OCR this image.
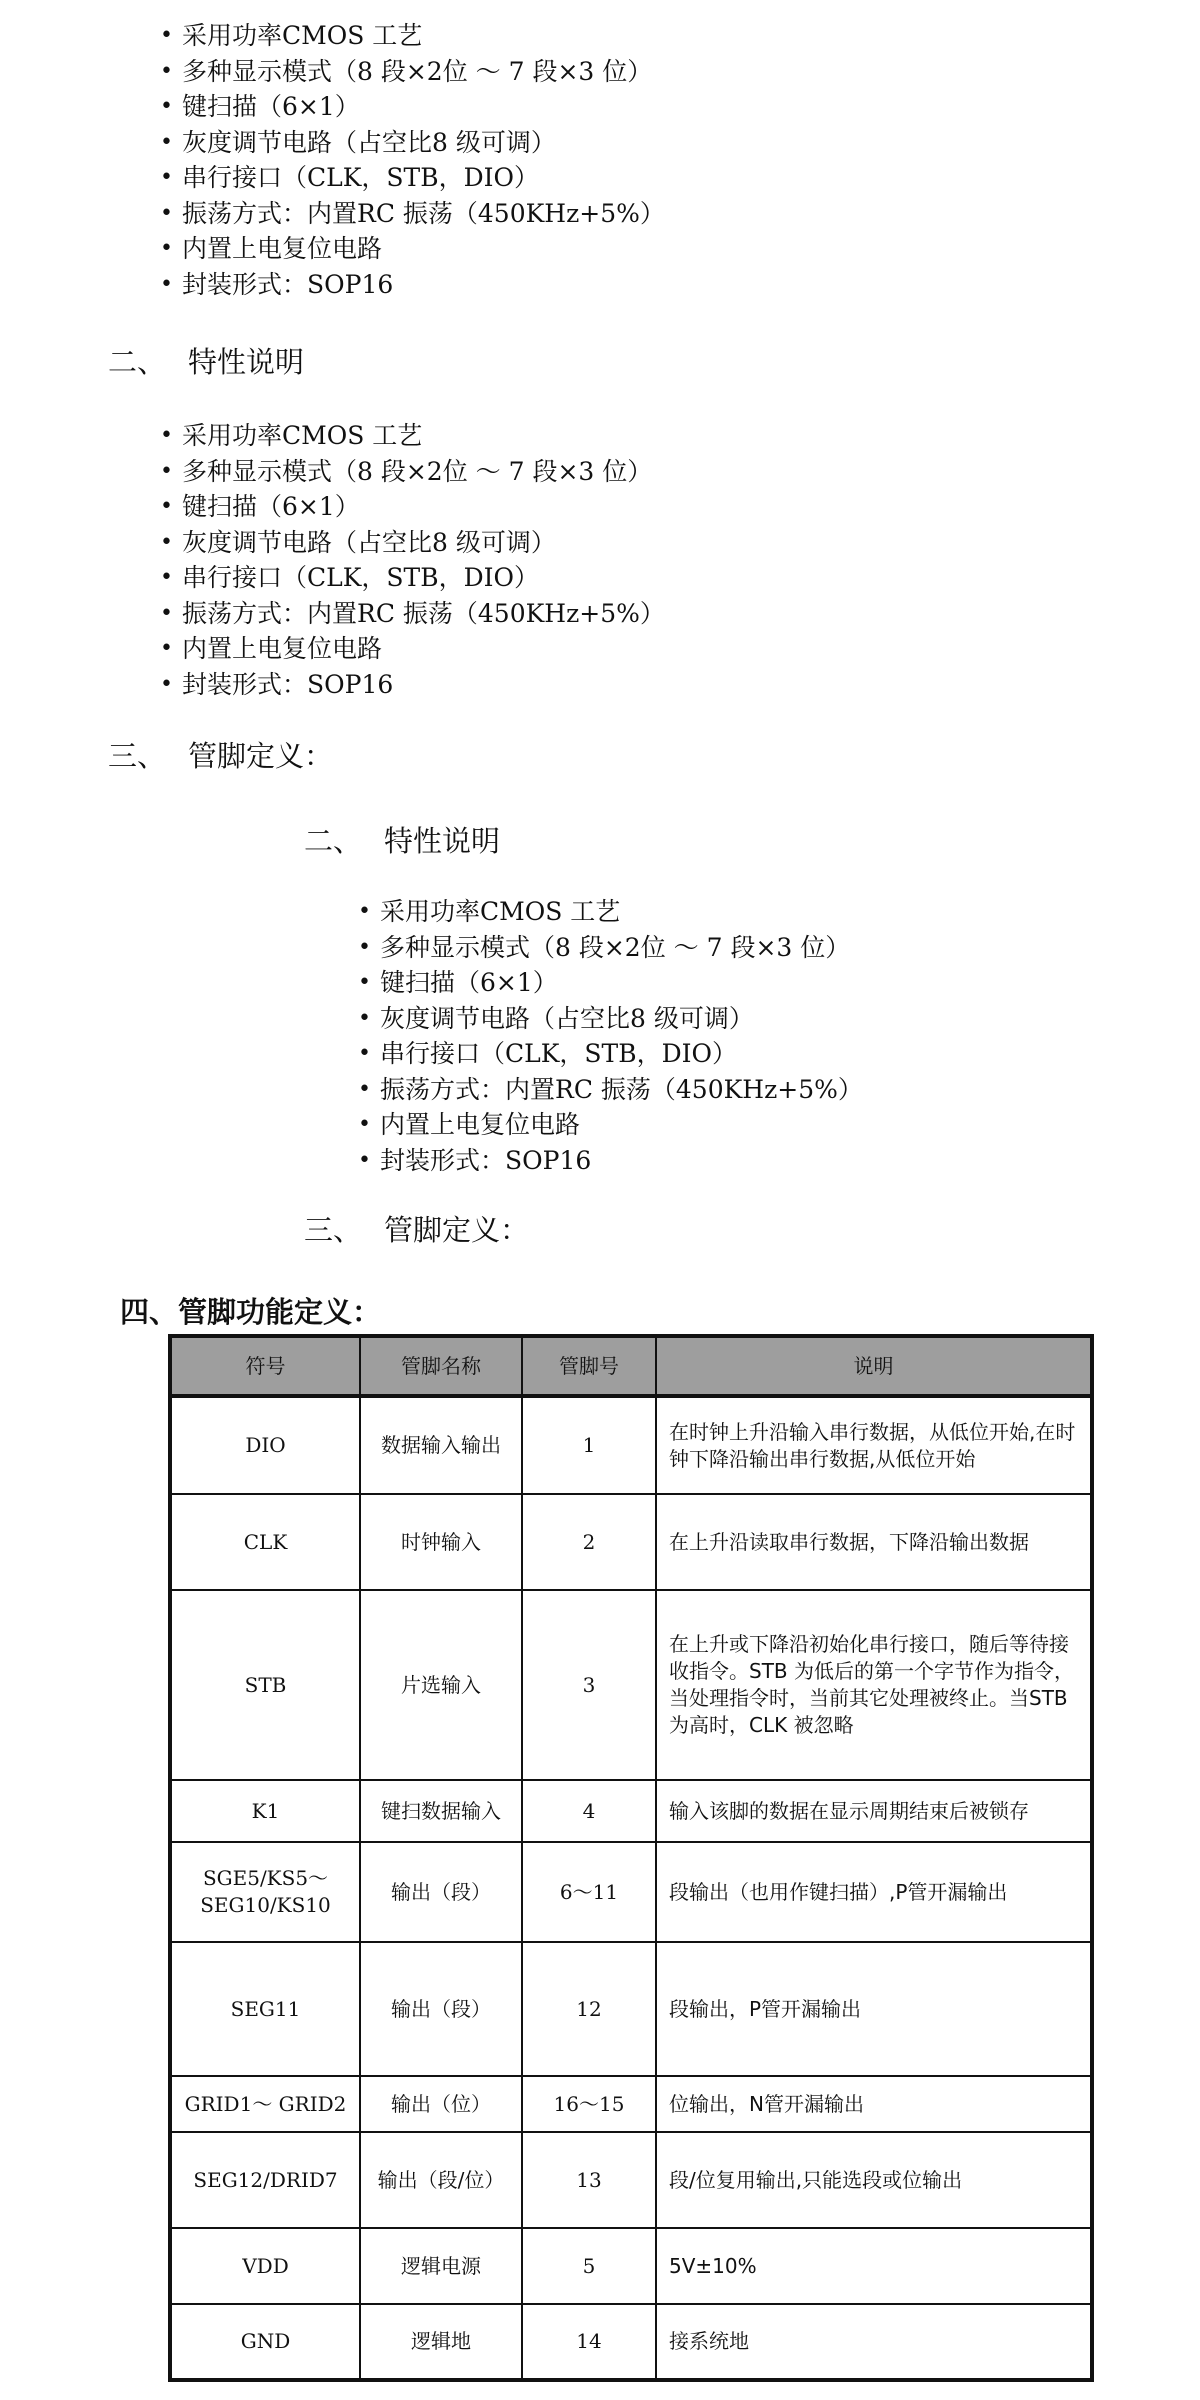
• 采用功率CMOS 工艺
• 多种显示模式（8 段×2位 ～ 7 段×3 位）
• 键扫描（6×1）
• 灰度调节电路（占空比8 级可调）
• 串行接口（CLK，STB，DIO）
• 振荡方式：内置RC 振荡（450KHz+5%）
• 内置上电复位电路
• 封装形式：SOP16
二、 特性说明
• 采用功率CMOS 工艺
• 多种显示模式（8 段×2位 ～ 7 段×3 位）
• 键扫描（6×1）
• 灰度调节电路（占空比8 级可调）
• 串行接口（CLK，STB，DIO）
• 振荡方式：内置RC 振荡（450KHz+5%）
• 内置上电复位电路
• 封装形式：SOP16
三、 管脚定义：
二、 特性说明
• 采用功率CMOS 工艺
• 多种显示模式（8 段×2位 ～ 7 段×3 位）
• 键扫描（6×1）
• 灰度调节电路（占空比8 级可调）
• 串行接口（CLK，STB，DIO）
• 振荡方式：内置RC 振荡（450KHz+5%）
• 内置上电复位电路
• 封装形式：SOP16
三、 管脚定义：
四、管脚功能定义：
符号	管脚名称	管脚号	说明
DIO	数据输入输出	1	在时钟上升沿输入串行数据，从低位开始,在时钟下降沿输出串行数据,从低位开始
CLK	时钟输入	2	在上升沿读取串行数据，下降沿输出数据
STB	片选输入	3	在上升或下降沿初始化串行接口，随后等待接收指令。STB 为低后的第一个字节作为指令，当处理指令时，当前其它处理被终止。当STB 为高时，CLK 被忽略
K1	键扫数据输入	4	输入该脚的数据在显示周期结束后被锁存
SGE5/KS5～SEG10/KS10	输出（段）	6～11	段输出（也用作键扫描）,P管开漏输出
SEG11	输出（段）	12	段输出，P管开漏输出
GRID1～ GRID2	输出（位）	16～15	位输出，N管开漏输出
SEG12/DRID7	输出（段/位）	13	段/位复用输出,只能选段或位输出
VDD	逻辑电源	5	5V±10%
GND	逻辑地	14	接系统地
